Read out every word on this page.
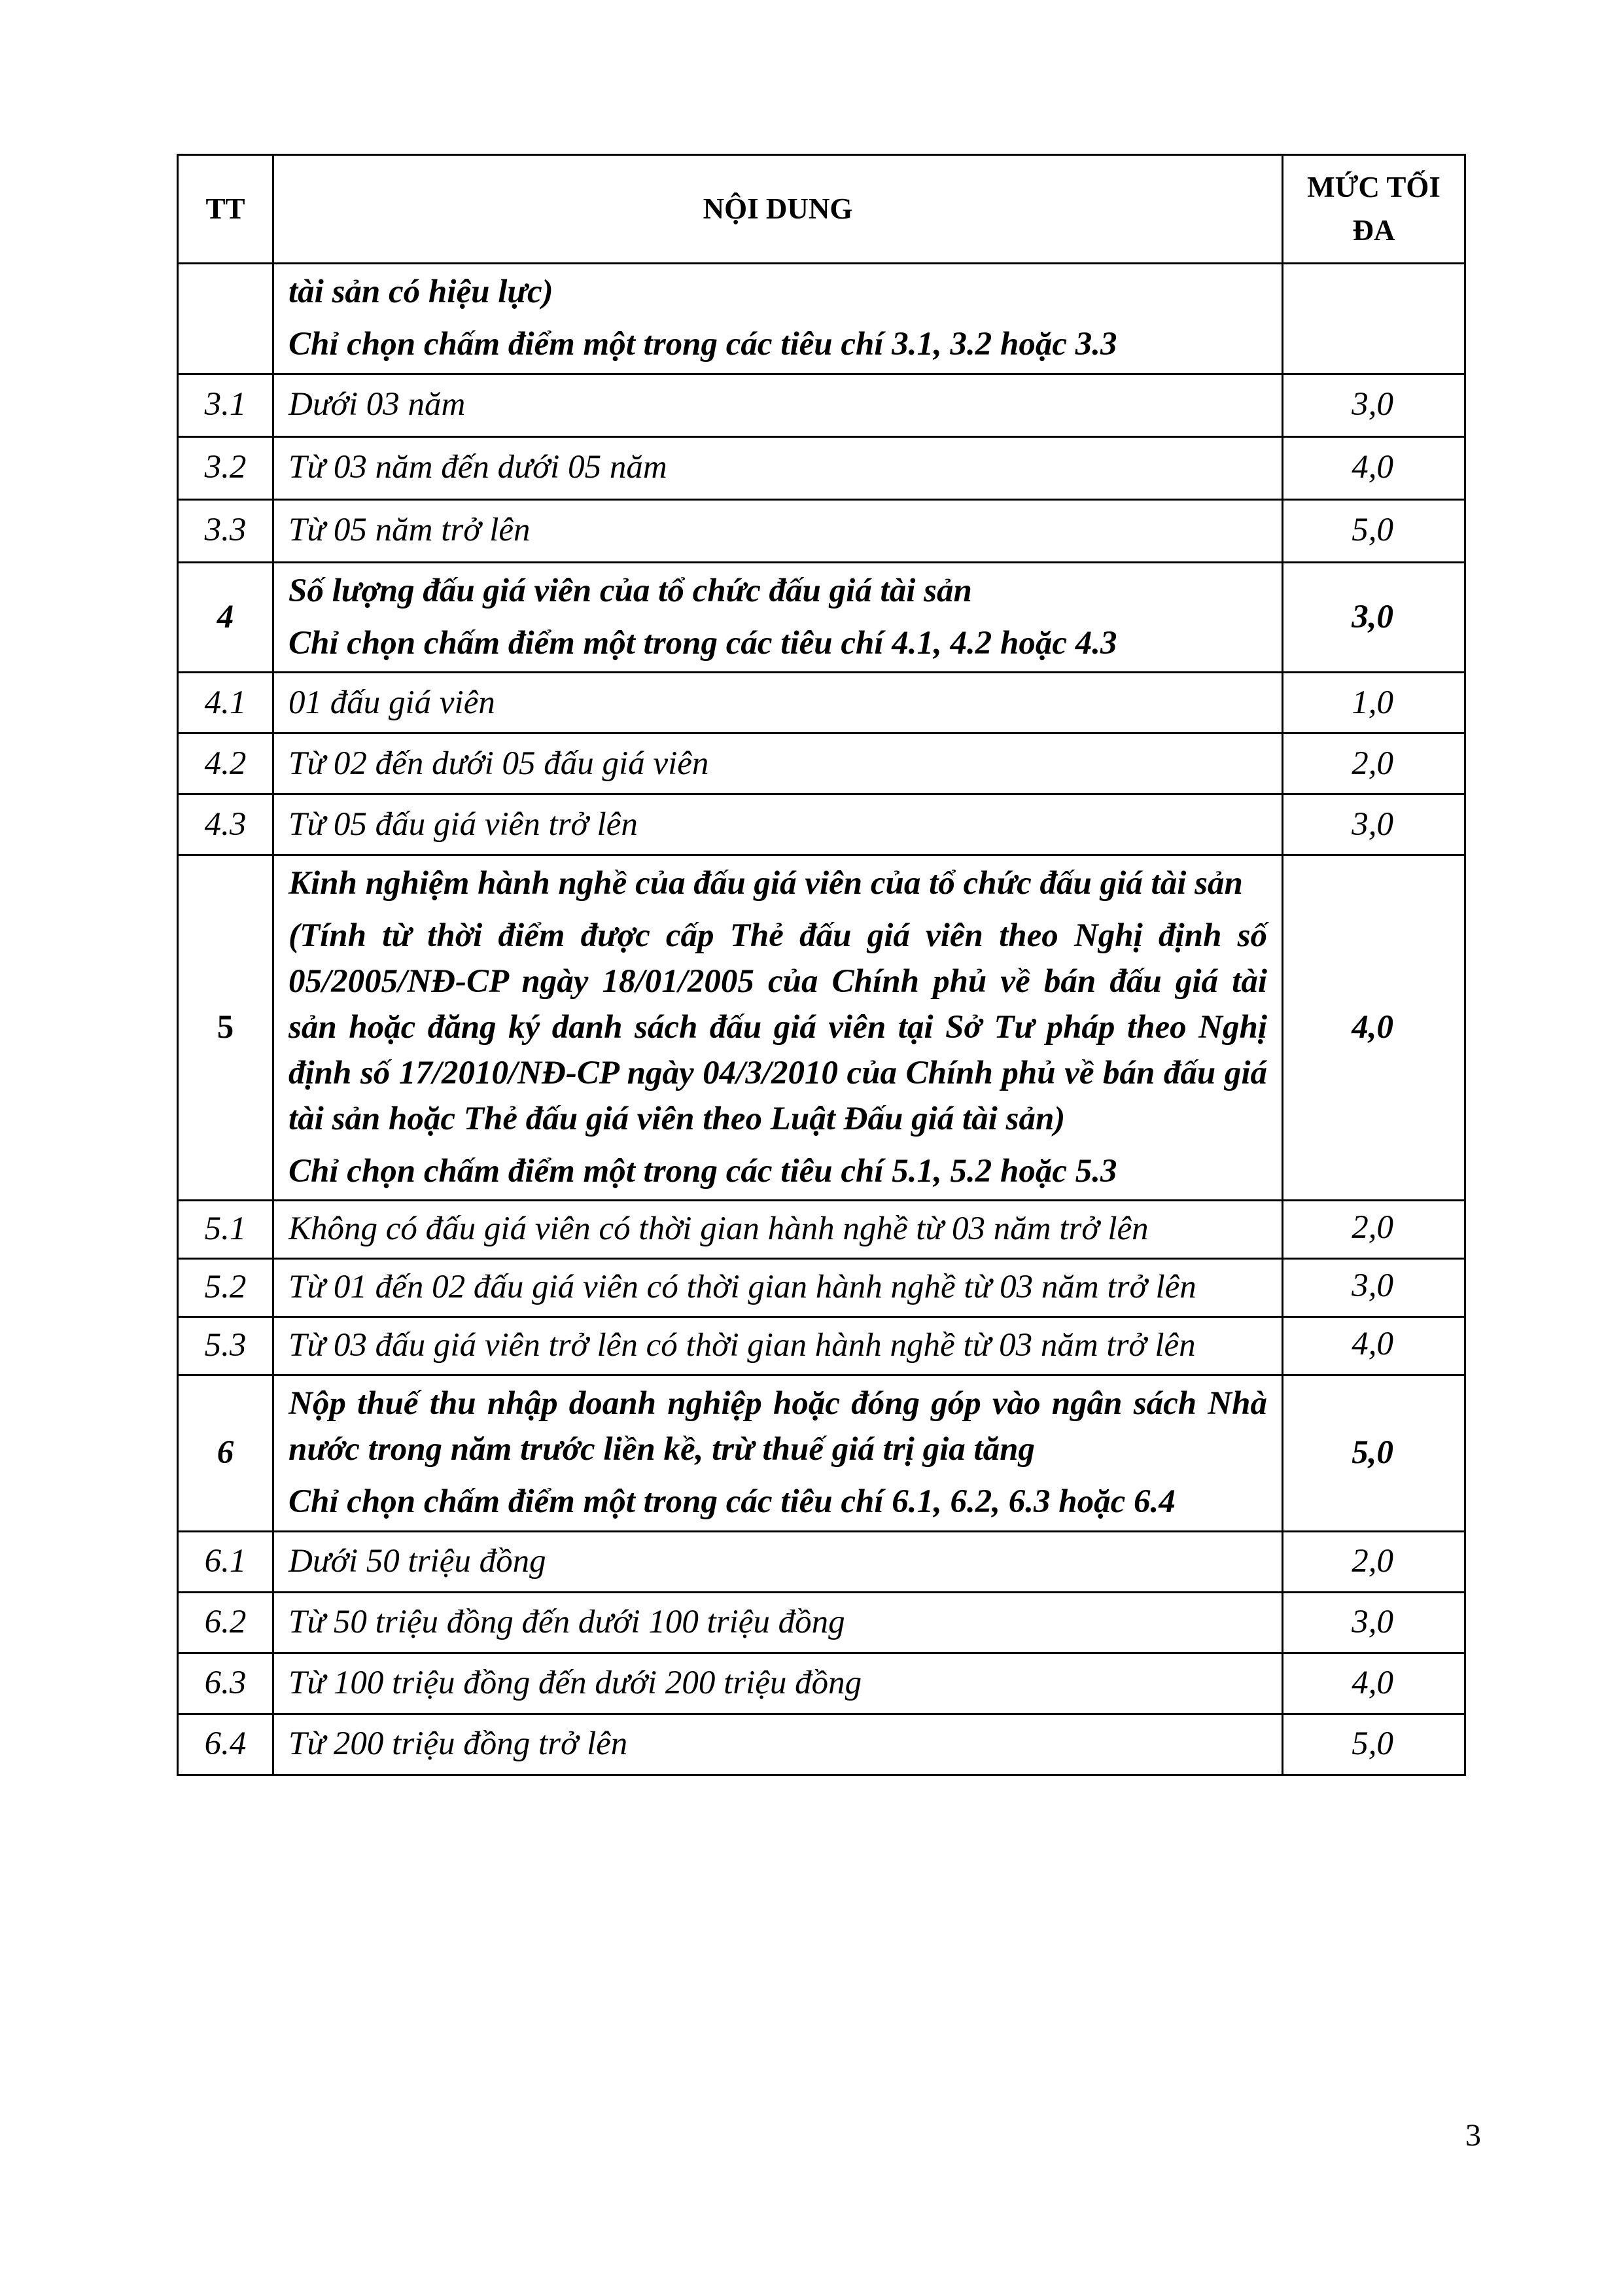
TT	NỘI DUNG	MỨC TỐI ĐA

	tài sản có hiệu lực)
Chỉ chọn chấm điểm một trong các tiêu chí 3.1, 3.2 hoặc 3.3	

3.1	Dưới 03 năm	3,0
3.2	Từ 03 năm đến dưới 05 năm	4,0
3.3	Từ 05 năm trở lên	5,0
4	Số lượng đấu giá viên của tổ chức đấu giá tài sản
Chỉ chọn chấm điểm một trong các tiêu chí 4.1, 4.2 hoặc 4.3	3,0
4.1	01 đấu giá viên	1,0
4.2	Từ 02 đến dưới 05 đấu giá viên	2,0
4.3	Từ 05 đấu giá viên trở lên	3,0
5	Kinh nghiệm hành nghề của đấu giá viên của tổ chức đấu giá tài sản
(Tính từ thời điểm được cấp Thẻ đấu giá viên theo Nghị định số 05/2005/NĐ-CP ngày 18/01/2005 của Chính phủ về bán đấu giá tài sản hoặc đăng ký danh sách đấu giá viên tại Sở Tư pháp theo Nghị định số 17/2010/NĐ-CP ngày 04/3/2010 của Chính phủ về bán đấu giá tài sản hoặc Thẻ đấu giá viên theo Luật Đấu giá tài sản)
Chỉ chọn chấm điểm một trong các tiêu chí 5.1, 5.2 hoặc 5.3	4,0
5.1	Không có đấu giá viên có thời gian hành nghề từ 03 năm trở lên	2,0
5.2	Từ 01 đến 02 đấu giá viên có thời gian hành nghề từ 03 năm trở lên	3,0
5.3	Từ 03 đấu giá viên trở lên có thời gian hành nghề từ 03 năm trở lên	4,0
6	Nộp thuế thu nhập doanh nghiệp hoặc đóng góp vào ngân sách Nhà nước trong năm trước liền kề, trừ thuế giá trị gia tăng
Chỉ chọn chấm điểm một trong các tiêu chí 6.1, 6.2, 6.3 hoặc 6.4	5,0
6.1	Dưới 50 triệu đồng	2,0
6.2	Từ 50 triệu đồng đến dưới 100 triệu đồng	3,0
6.3	Từ 100 triệu đồng đến dưới 200 triệu đồng	4,0
6.4	Từ 200 triệu đồng trở lên	5,0
3
